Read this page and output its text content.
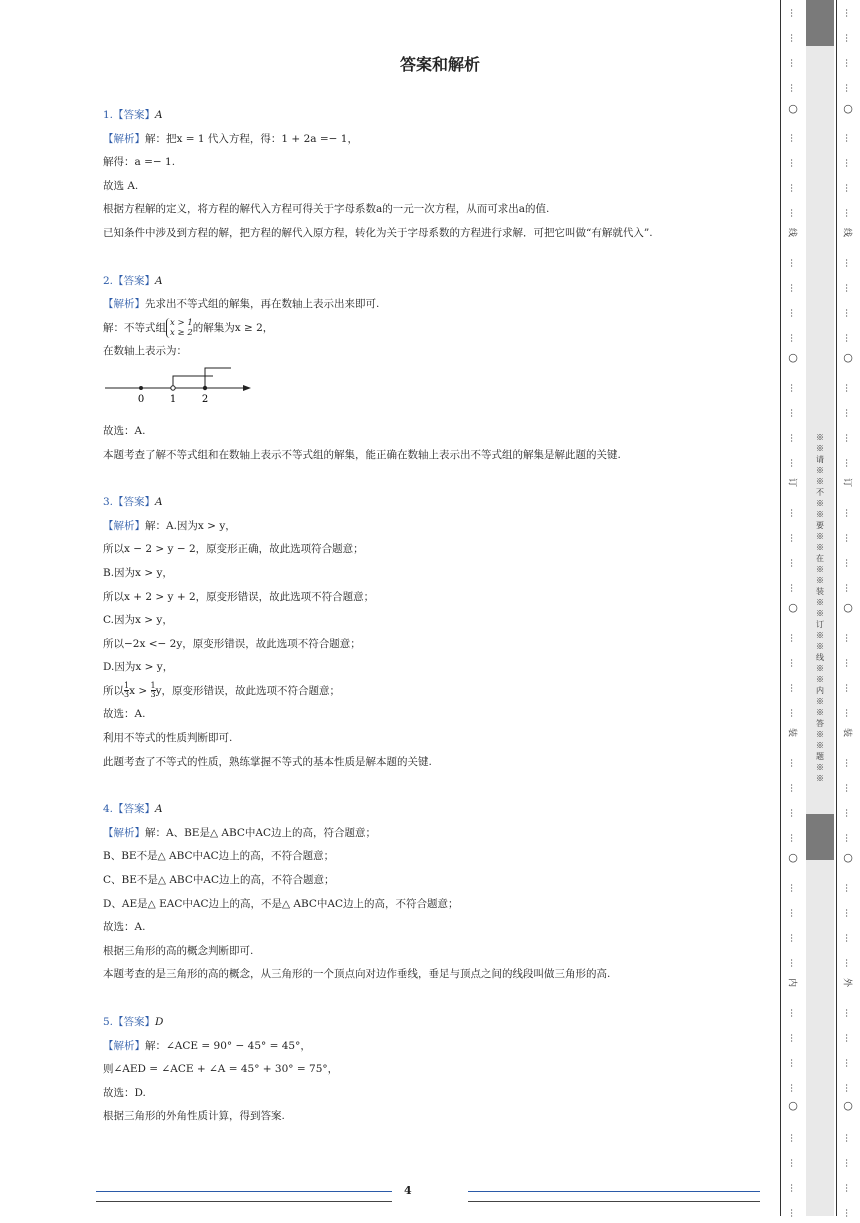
答案和解析
1.【答案】A
【解析】解：把x = 1 代入方程，得：1 + 2a =− 1，
解得：a =− 1.
故选 A.
根据方程解的定义，将方程的解代入方程可得关于字母系数a的一元一次方程，从而可求出a的值.
已知条件中涉及到方程的解，把方程的解代入原方程，转化为关于字母系数的方程进行求解．可把它叫做“有解就代入”.
2.【答案】A
【解析】先求出不等式组的解集，再在数轴上表示出来即可.
解：不等式组 x > 1
x ≥ 2 的解集为x ≥ 2，
在数轴上表示为：
0	1	2
故选：A.
本题考查了解不等式组和在数轴上表示不等式组的解集，能正确在数轴上表示出不等式组的解集是解此题的关键.
3.【答案】A
【解析】解：A.因为x > y，
所以x − 2 > y − 2，原变形正确，故此选项符合题意；
B.因为x > y，
所以x + 2 > y + 2，原变形错误，故此选项不符合题意；
C.因为x > y，
所以−2x <− 2y，原变形错误，故此选项不符合题意；
D.因为x > y，
所以 $\frac{1}{3}$ $x > \frac{1}{3}$ y，原变形错误，故此选项不符合题意；
故选：A.
利用不等式的性质判断即可.
此题考查了不等式的性质，熟练掌握不等式的基本性质是解本题的关键.
4.【答案】A
【解析】解：A、BE是△ ABC中AC边上的高，符合题意；
B、BE不是△ ABC中AC边上的高，不符合题意；
C、BE不是△ ABC中AC边上的高，不符合题意；
D、AE是△ EAC中AC边上的高，不是△ ABC中AC边上的高，不符合题意；
故选：A.
根据三角形的高的概念判断即可.
本题考查的是三角形的高的概念，从三角形的一个顶点向对边作垂线，垂足与顶点之间的线段叫做三角形的高.
5.【答案】D
【解析】解：∠ACE = 90° − 45° = 45°，
则∠AED = ∠ACE + ∠A = 45° + 30° = 75°，
故选：D.
根据三角形的外角性质计算，得到答案.
4
※※请※※不※※要※※在※※装※※订※※线※※内※※答※※题※※
…
…
…
…
…
…
…
…
…
…
…
…
…
…
…
…
…
…
…
…
…
…
…
…
…
…
…
…
…
…
…
…
…
…
…
…
…
…
…
…
○
○
○
○
○
线
订
装
内
…
…
…
…
…
…
…
…
…
…
…
…
…
…
…
…
…
…
…
…
…
…
…
…
…
…
…
…
…
…
…
…
…
…
…
…
…
…
…
…
○
○
○
○
○
线
订
装
外
